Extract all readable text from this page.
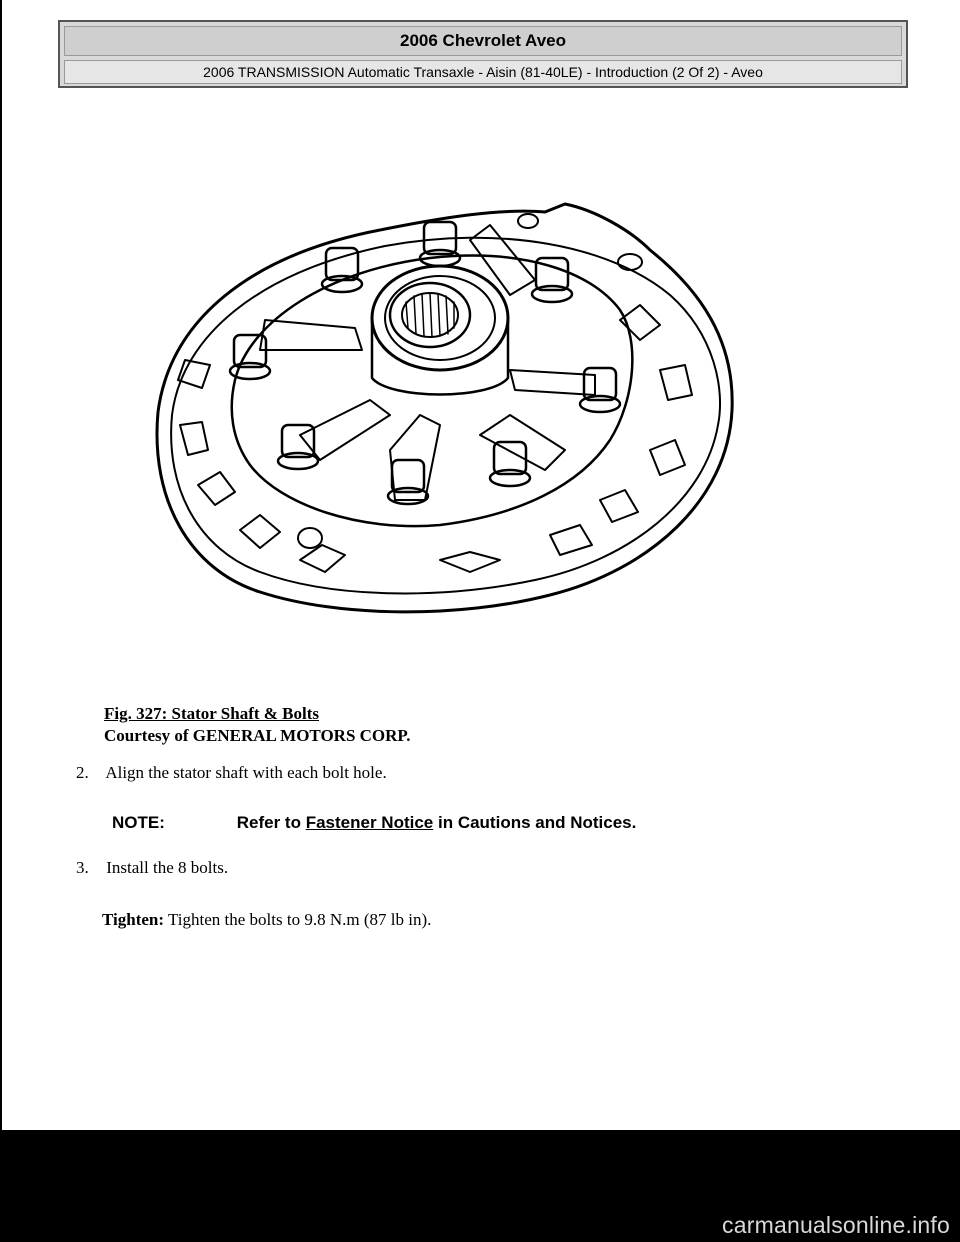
2006 Chevrolet Aveo
2006 TRANSMISSION Automatic Transaxle - Aisin (81-40LE) - Introduction (2 Of 2) - Aveo
Fig. 327: Stator Shaft & Bolts
Courtesy of GENERAL MOTORS CORP.
2. Align the stator shaft with each bolt hole.
NOTE:	Refer to Fastener Notice in Cautions and Notices.
3. Install the 8 bolts.
Tighten: Tighten the bolts to 9.8 N.m (87 lb in).
carmanualsonline.info
